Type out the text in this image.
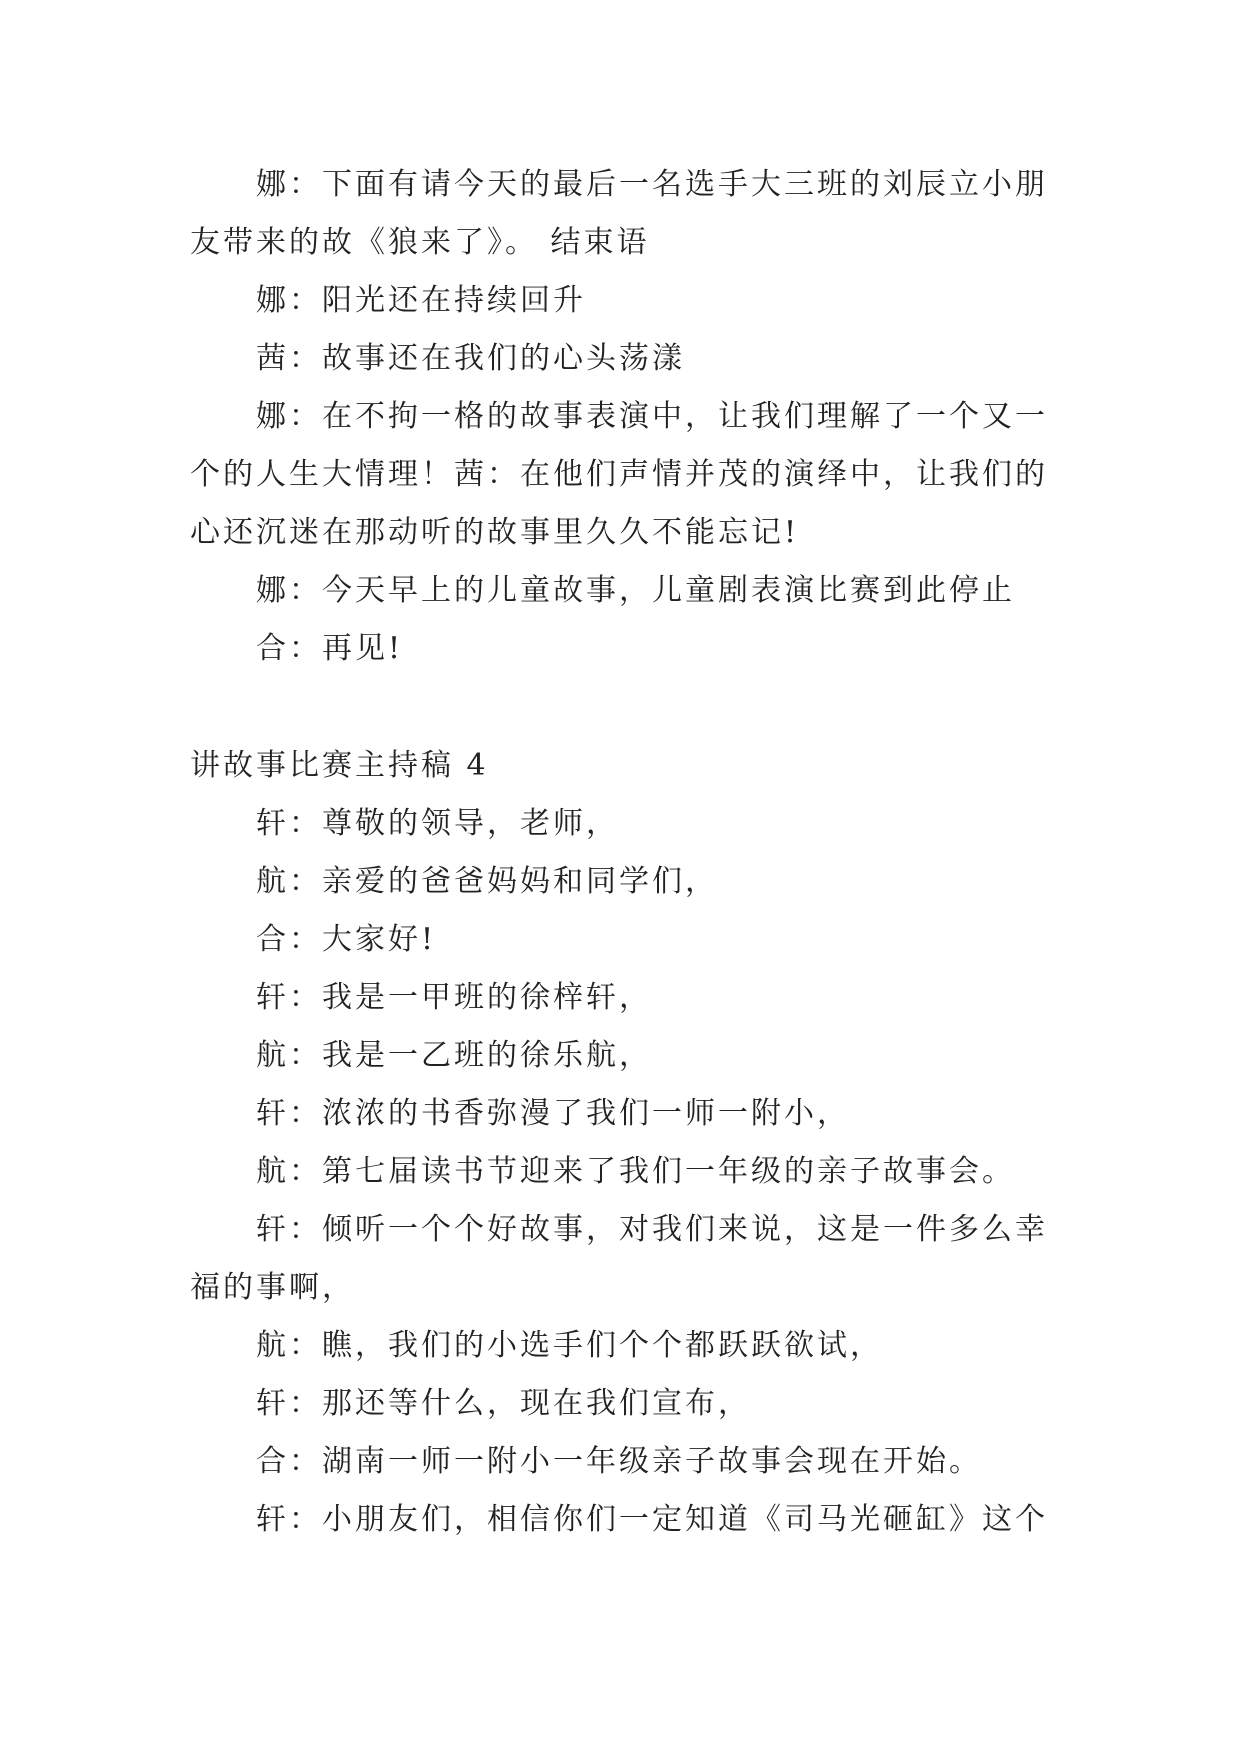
娜：下面有请今天的最后一名选手大三班的刘辰立小朋
友带来的故《狼来了》。 结束语
娜：阳光还在持续回升
茜：故事还在我们的心头荡漾
娜：在不拘一格的故事表演中，让我们理解了一个又一
个的人生大情理！茜：在他们声情并茂的演绎中，让我们的
心还沉迷在那动听的故事里久久不能忘记!
娜：今天早上的儿童故事，儿童剧表演比赛到此停止
合：再见!
讲故事比赛主持稿 4
轩：尊敬的领导，老师，
航：亲爱的爸爸妈妈和同学们，
合：大家好!
轩：我是一甲班的徐梓轩，
航：我是一乙班的徐乐航，
轩：浓浓的书香弥漫了我们一师一附小，
航：第七届读书节迎来了我们一年级的亲子故事会。
轩：倾听一个个好故事，对我们来说，这是一件多么幸
福的事啊，
航：瞧，我们的小选手们个个都跃跃欲试，
轩：那还等什么，现在我们宣布，
合：湖南一师一附小一年级亲子故事会现在开始。
轩：小朋友们，相信你们一定知道《司马光砸缸》这个
